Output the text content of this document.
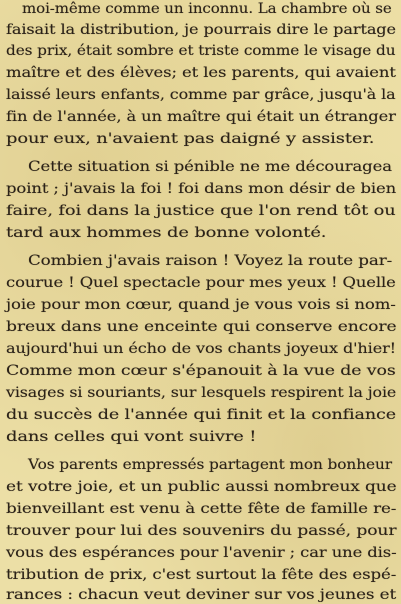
moi-même comme un inconnu. La chambre où se
faisait la distribution, je pourrais dire le partage
des prix, était sombre et triste comme le visage du
maître et des élèves; et les parents, qui avaient
laissé leurs enfants, comme par grâce, jusqu'à la
fin de l'année, à un maître qui était un étranger
pour eux, n'avaient pas daigné y assister.
Cette situation si pénible ne me découragea
point ; j'avais la foi ! foi dans mon désir de bien
faire, foi dans la justice que l'on rend tôt ou
tard aux hommes de bonne volonté.
Combien j'avais raison ! Voyez la route par-
courue ! Quel spectacle pour mes yeux ! Quelle
joie pour mon cœur, quand je vous vois si nom-
breux dans une enceinte qui conserve encore
aujourd'hui un écho de vos chants joyeux d'hier!
Comme mon cœur s'épanouit à la vue de vos
visages si souriants, sur lesquels respirent la joie
du succès de l'année qui finit et la confiance
dans celles qui vont suivre !
Vos parents empressés partagent mon bonheur
et votre joie, et un public aussi nombreux que
bienveillant est venu à cette fête de famille re-
trouver pour lui des souvenirs du passé, pour
vous des espérances pour l'avenir ; car une dis-
tribution de prix, c'est surtout la fête des espé-
rances : chacun veut deviner sur vos jeunes et
